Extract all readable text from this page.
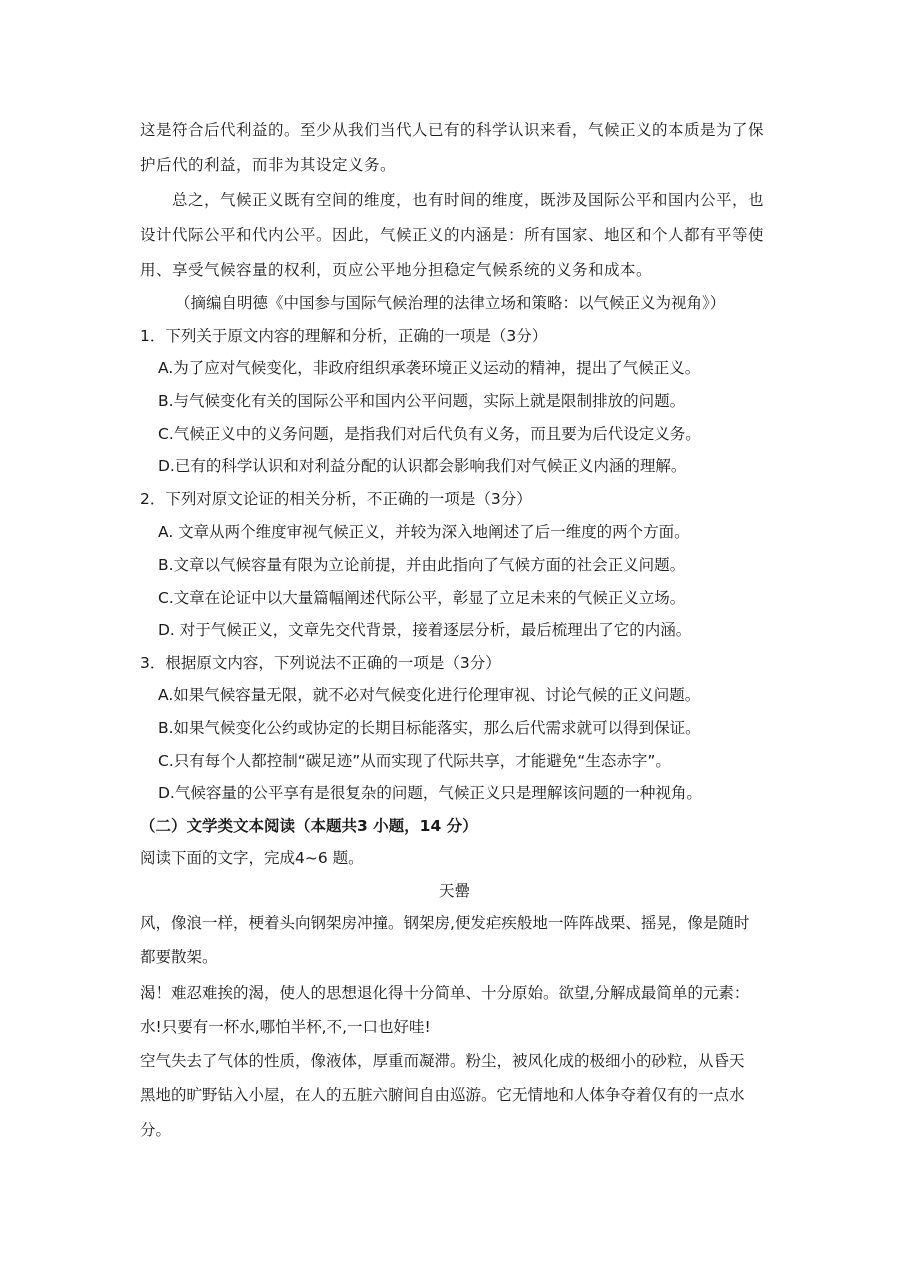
这是符合后代利益的。至少从我们当代人已有的科学认识来看，气候正义的本质是为了保
护后代的利益，而非为其设定义务。
总之，气候正义既有空间的维度，也有时间的维度，既涉及国际公平和国内公平，也
设计代际公平和代内公平。因此，气候正义的内涵是：所有国家、地区和个人都有平等使
用、享受气候容量的权利，页应公平地分担稳定气候系统的义务和成本。
（摘编自明德《中国参与国际气候治理的法律立场和策略：以气候正义为视角》）
1．下列关于原文内容的理解和分析，正确的一项是（3分）
A.为了应对气候变化，非政府组织承袭环境正义运动的精神，提出了气候正义。
B.与气候变化有关的国际公平和国内公平问题，实际上就是限制排放的问题。
C.气候正义中的义务问题，是指我们对后代负有义务，而且要为后代设定义务。
D.已有的科学认识和对利益分配的认识都会影响我们对气候正义内涵的理解。
2．下列对原文论证的相关分析，不正确的一项是（3分）
A. 文章从两个维度审视气候正义，并较为深入地阐述了后一维度的两个方面。
B.文章以气候容量有限为立论前提，并由此指向了气候方面的社会正义问题。
C.文章在论证中以大量篇幅阐述代际公平，彰显了立足未来的气候正义立场。
D. 对于气候正义，文章先交代背景，接着逐层分析，最后梳理出了它的内涵。
3．根据原文内容，下列说法不正确的一项是（3分）
A.如果气候容量无限，就不必对气候变化进行伦理审视、讨论气候的正义问题。
B.如果气候变化公约或协定的长期目标能落实，那么后代需求就可以得到保证。
C.只有每个人都控制“碳足迹”从而实现了代际共享，才能避免“生态赤字”。
D.气候容量的公平享有是很复杂的问题，气候正义只是理解该问题的一种视角。
（二）文学类文本阅读（本题共3 小题，14 分）
阅读下面的文字，完成4~6 题。
天罍
风，像浪一样，梗着头向钢架房冲撞。钢架房,便发疟疾般地一阵阵战栗、摇晃，像是随时
都要散架。
渴！难忍难挨的渴，使人的思想退化得十分简单、十分原始。欲望,分解成最简单的元素：
水!只要有一杯水,哪怕半杯,不,一口也好哇!
空气失去了气体的性质，像液体，厚重而凝滞。粉尘，被风化成的极细小的砂粒，从昏天
黑地的旷野钻入小屋，在人的五脏六腑间自由巡游。它无情地和人体争夺着仅有的一点水
分。
